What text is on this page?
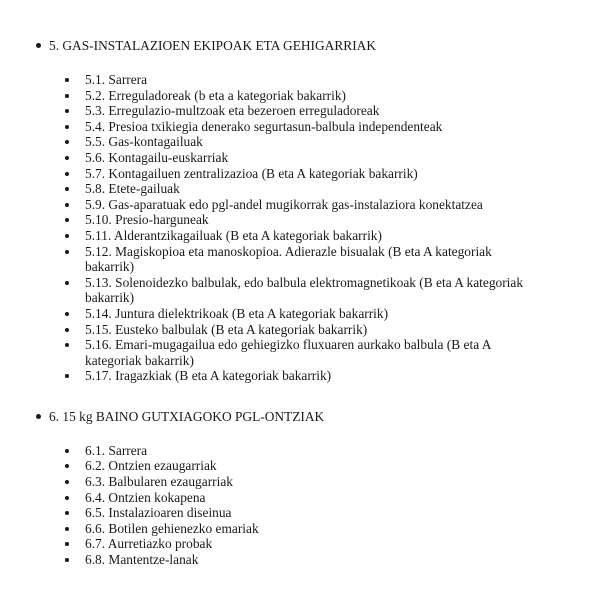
5. GAS-INSTALAZIOEN EKIPOAK ETA GEHIGARRIAK
5.1. Sarrera
5.2. Erreguladoreak (b eta a kategoriak bakarrik)
5.3. Erregulazio-multzoak eta bezeroen erreguladoreak
5.4. Presioa txikiegia denerako segurtasun-balbula independenteak
5.5. Gas-kontagailuak
5.6. Kontagailu-euskarriak
5.7. Kontagailuen zentralizazioa (B eta A kategoriak bakarrik)
5.8. Etete-gailuak
5.9. Gas-aparatuak edo pgl-andel mugikorrak gas-instalaziora konektatzea
5.10. Presio-harguneak
5.11. Alderantzikagailuak (B eta A kategoriak bakarrik)
5.12. Magiskopioa eta manoskopioa. Adierazle bisualak (B eta A kategoriak bakarrik)
5.13. Solenoidezko balbulak, edo balbula elektromagnetikoak (B eta A kategoriak bakarrik)
5.14. Juntura dielektrikoak (B eta A kategoriak bakarrik)
5.15. Eusteko balbulak (B eta A kategoriak bakarrik)
5.16. Emari-mugagailua edo gehiegizko fluxuaren aurkako balbula (B eta A kategoriak bakarrik)
5.17. Iragazkiak (B eta A kategoriak bakarrik)
6. 15 kg BAINO GUTXIAGOKO PGL-ONTZIAK
6.1. Sarrera
6.2. Ontzien ezaugarriak
6.3. Balbularen ezaugarriak
6.4. Ontzien kokapena
6.5. Instalazioaren diseinua
6.6. Botilen gehienezko emariak
6.7. Aurretiazko probak
6.8. Mantentze-lanak
